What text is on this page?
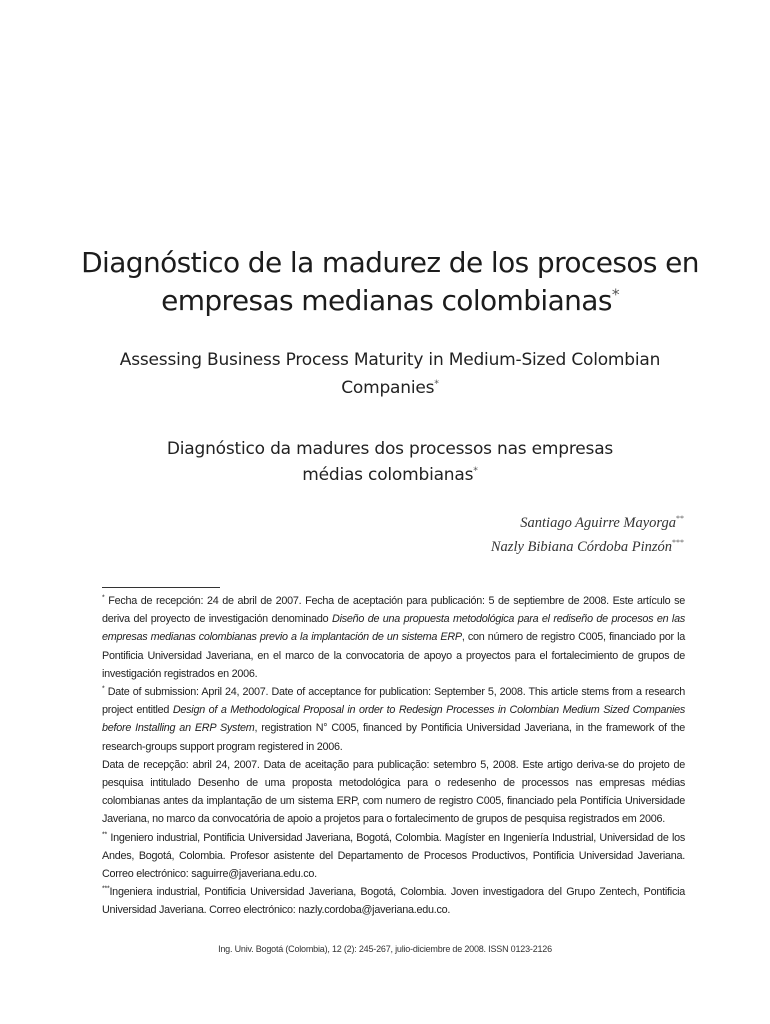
Diagnóstico de la madurez de los procesos en
empresas medianas colombianas*
Assessing Business Process Maturity in Medium-Sized Colombian
Companies*
Diagnóstico da madures dos processos nas empresas
médias colombianas*
Santiago Aguirre Mayorga**
Nazly Bibiana Córdoba Pinzón***

* Fecha de recepción: 24 de abril de 2007. Fecha de aceptación para publicación: 5 de septiembre de 2008. Este artículo se deriva del proyecto de investigación denominado Diseño de una propuesta metodológica para el rediseño de procesos en las empresas medianas colombianas previo a la implantación de un sistema ERP, con número de registro C005, financiado por la Pontificia Universidad Javeriana, en el marco de la convocatoria de apoyo a proyectos para el fortalecimiento de grupos de investigación registrados en 2006.

* Date of submission: April 24, 2007. Date of acceptance for publication: September 5, 2008. This article stems from a research project entitled Design of a Methodological Proposal in order to Redesign Processes in Colombian Medium Sized Companies before Installing an ERP System, registration N° C005, financed by Pontificia Universidad Javeriana, in the framework of the research-groups support program registered in 2006.

Data de recepção: abril 24, 2007. Data de aceitação para publicação: setembro 5, 2008. Este artigo deriva-se do projeto de pesquisa intitulado Desenho de uma proposta metodológica para o redesenho de processos nas empresas médias colombianas antes da implantação de um sistema ERP, com numero de registro C005, financiado pela Pontifícia Universidade Javeriana, no marco da convocatória de apoio a projetos para o fortalecimento de grupos de pesquisa registrados em 2006.

** Ingeniero industrial, Pontificia Universidad Javeriana, Bogotá, Colombia. Magíster en Ingeniería Industrial, Universidad de los Andes, Bogotá, Colombia. Profesor asistente del Departamento de Procesos Productivos, Pontificia Universidad Javeriana. Correo electrónico: saguirre@javeriana.edu.co.

***Ingeniera industrial, Pontificia Universidad Javeriana, Bogotá, Colombia. Joven investigadora del Grupo Zentech, Pontificia Universidad Javeriana. Correo electrónico: nazly.cordoba@javeriana.edu.co.

Ing. Univ. Bogotá (Colombia), 12 (2): 245-267, julio-diciembre de 2008. ISSN 0123-2126
